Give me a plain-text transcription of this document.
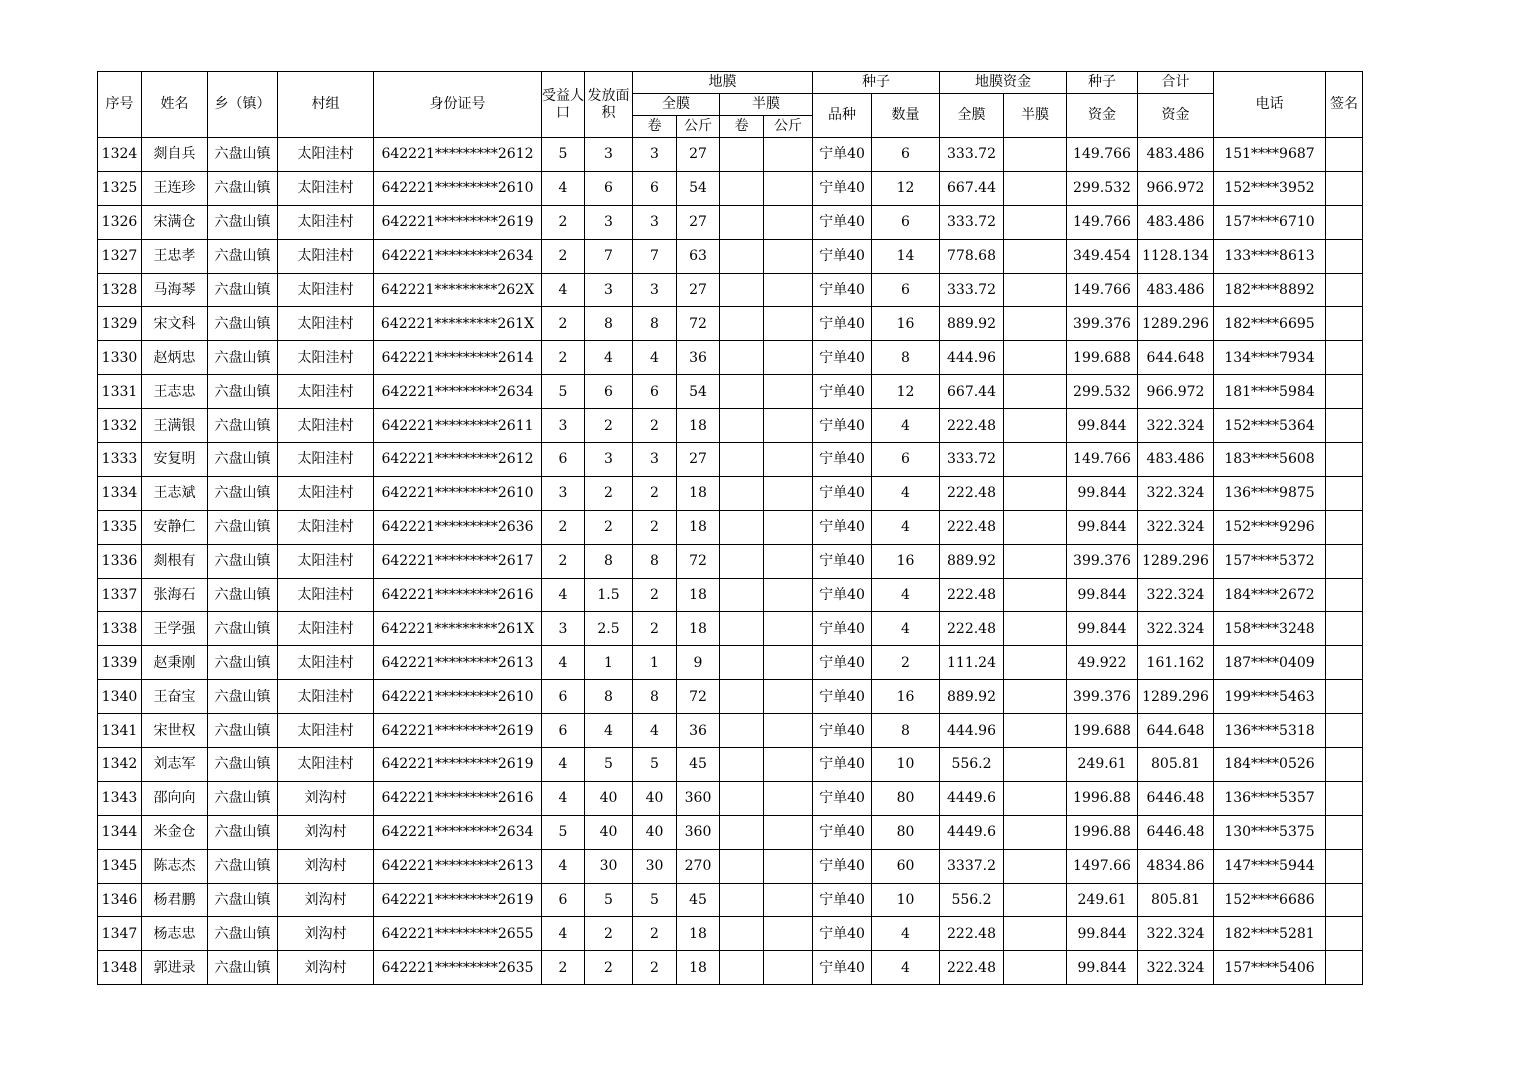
序号	姓名	乡（镇）	村组	身份证号	受益人口	发放面积	地膜				种子		地膜资金		种子	合计	电话	签名
							全膜		半膜		品种	数量	全膜	半膜	资金	资金		
							卷	公斤	卷	公斤								
1324	剡自兵	六盘山镇	太阳洼村	642221*********2612	5	3	3	27			宁单40	6	333.72		149.766	483.486	151****9687	
1325	王连珍	六盘山镇	太阳洼村	642221*********2610	4	6	6	54			宁单40	12	667.44		299.532	966.972	152****3952	
1326	宋满仓	六盘山镇	太阳洼村	642221*********2619	2	3	3	27			宁单40	6	333.72		149.766	483.486	157****6710	
1327	王忠孝	六盘山镇	太阳洼村	642221*********2634	2	7	7	63			宁单40	14	778.68		349.454	1128.134	133****8613	
1328	马海琴	六盘山镇	太阳洼村	642221*********262X	4	3	3	27			宁单40	6	333.72		149.766	483.486	182****8892	
1329	宋文科	六盘山镇	太阳洼村	642221*********261X	2	8	8	72			宁单40	16	889.92		399.376	1289.296	182****6695	
1330	赵炳忠	六盘山镇	太阳洼村	642221*********2614	2	4	4	36			宁单40	8	444.96		199.688	644.648	134****7934	
1331	王志忠	六盘山镇	太阳洼村	642221*********2634	5	6	6	54			宁单40	12	667.44		299.532	966.972	181****5984	
1332	王满银	六盘山镇	太阳洼村	642221*********2611	3	2	2	18			宁单40	4	222.48		99.844	322.324	152****5364	
1333	安复明	六盘山镇	太阳洼村	642221*********2612	6	3	3	27			宁单40	6	333.72		149.766	483.486	183****5608	
1334	王志斌	六盘山镇	太阳洼村	642221*********2610	3	2	2	18			宁单40	4	222.48		99.844	322.324	136****9875	
1335	安静仁	六盘山镇	太阳洼村	642221*********2636	2	2	2	18			宁单40	4	222.48		99.844	322.324	152****9296	
1336	剡根有	六盘山镇	太阳洼村	642221*********2617	2	8	8	72			宁单40	16	889.92		399.376	1289.296	157****5372	
1337	张海石	六盘山镇	太阳洼村	642221*********2616	4	1.5	2	18			宁单40	4	222.48		99.844	322.324	184****2672	
1338	王学强	六盘山镇	太阳洼村	642221*********261X	3	2.5	2	18			宁单40	4	222.48		99.844	322.324	158****3248	
1339	赵秉刚	六盘山镇	太阳洼村	642221*********2613	4	1	1	9			宁单40	2	111.24		49.922	161.162	187****0409	
1340	王奋宝	六盘山镇	太阳洼村	642221*********2610	6	8	8	72			宁单40	16	889.92		399.376	1289.296	199****5463	
1341	宋世权	六盘山镇	太阳洼村	642221*********2619	6	4	4	36			宁单40	8	444.96		199.688	644.648	136****5318	
1342	刘志军	六盘山镇	太阳洼村	642221*********2619	4	5	5	45			宁单40	10	556.2		249.61	805.81	184****0526	
1343	邵向向	六盘山镇	刘沟村	642221*********2616	4	40	40	360			宁单40	80	4449.6		1996.88	6446.48	136****5357	
1344	米金仓	六盘山镇	刘沟村	642221*********2634	5	40	40	360			宁单40	80	4449.6		1996.88	6446.48	130****5375	
1345	陈志杰	六盘山镇	刘沟村	642221*********2613	4	30	30	270			宁单40	60	3337.2		1497.66	4834.86	147****5944	
1346	杨君鹏	六盘山镇	刘沟村	642221*********2619	6	5	5	45			宁单40	10	556.2		249.61	805.81	152****6686	
1347	杨志忠	六盘山镇	刘沟村	642221*********2655	4	2	2	18			宁单40	4	222.48		99.844	322.324	182****5281	
1348	郭进录	六盘山镇	刘沟村	642221*********2635	2	2	2	18			宁单40	4	222.48		99.844	322.324	157****5406	
